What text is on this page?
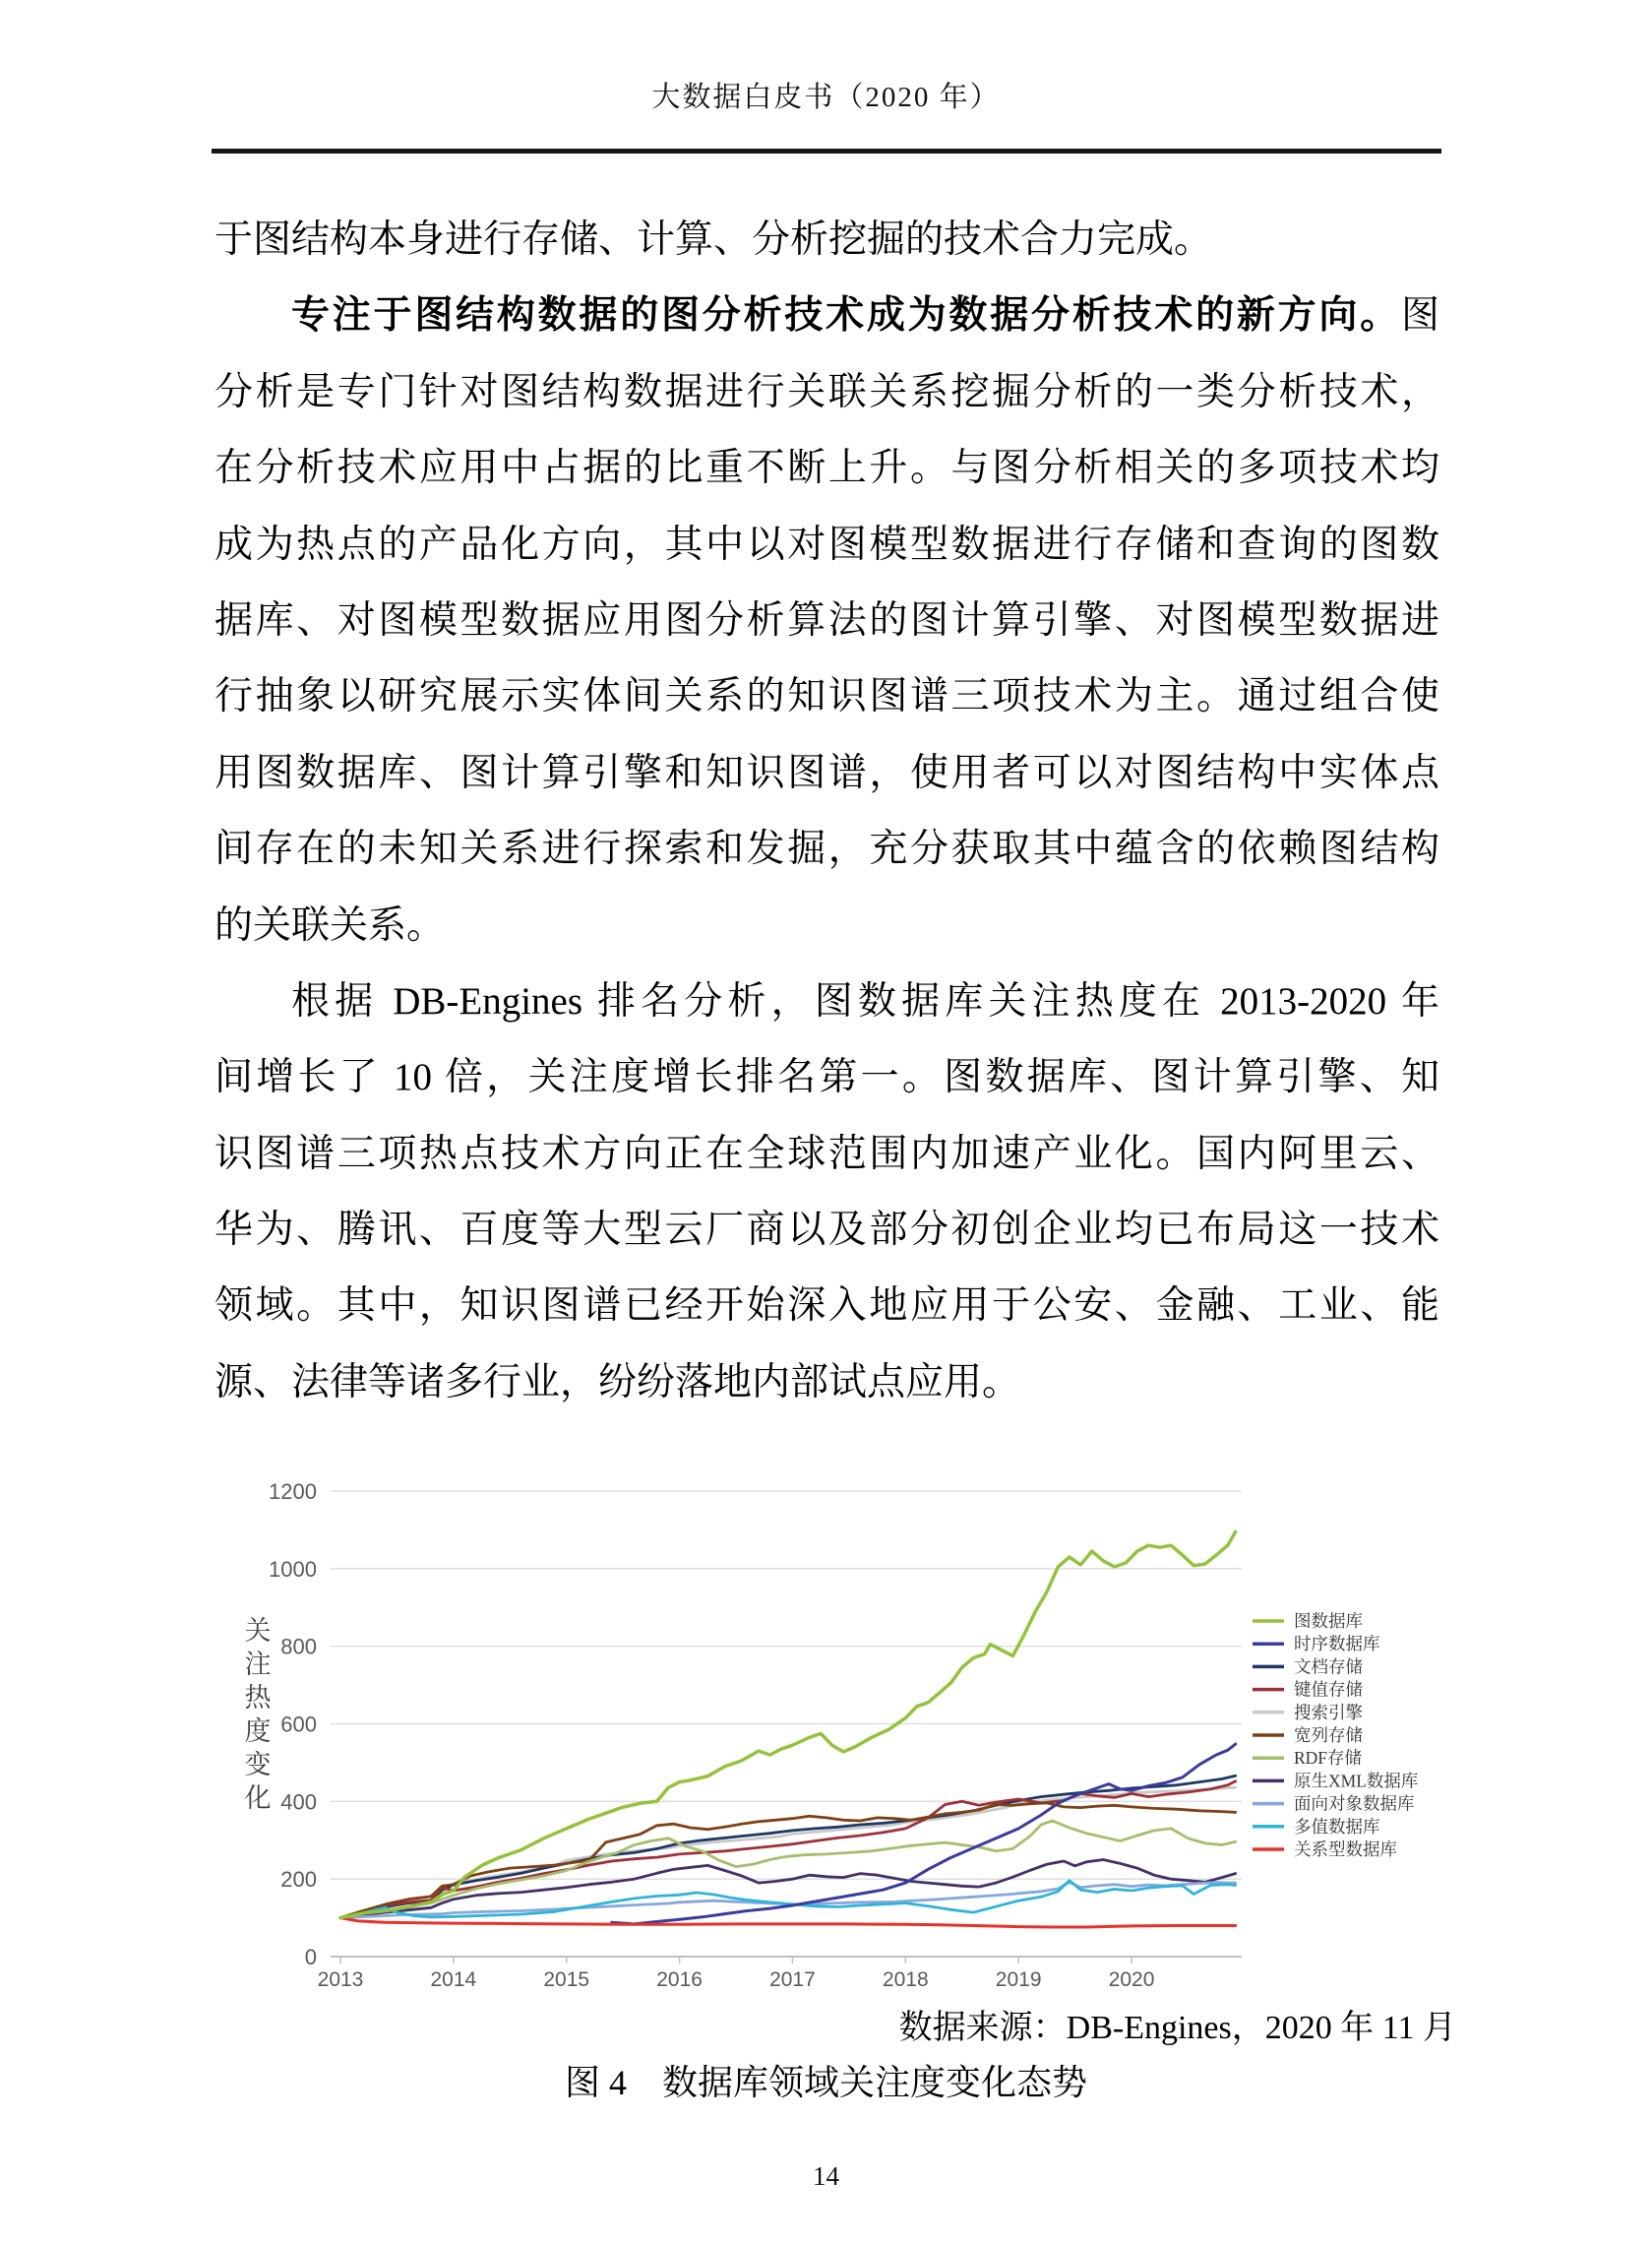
大数据白皮书（2020 年）
于图结构本身进行存储、计算、分析挖掘的技术合力完成。
专注于图结构数据的图分析技术成为数据分析技术的新方向。图
分析是专门针对图结构数据进行关联关系挖掘分析的一类分析技术，
在分析技术应用中占据的比重不断上升。与图分析相关的多项技术均
成为热点的产品化方向，其中以对图模型数据进行存储和查询的图数
据库、对图模型数据应用图分析算法的图计算引擎、对图模型数据进
行抽象以研究展示实体间关系的知识图谱三项技术为主。通过组合使
用图数据库、图计算引擎和知识图谱，使用者可以对图结构中实体点
间存在的未知关系进行探索和发掘，充分获取其中蕴含的依赖图结构
的关联关系。
根据 DB-Engines 排名分析，图数据库关注热度在 2013-2020 年
间增长了 10 倍，关注度增长排名第一。图数据库、图计算引擎、知
识图谱三项热点技术方向正在全球范围内加速产业化。国内阿里云、
华为、腾讯、百度等大型云厂商以及部分初创企业均已布局这一技术
领域。其中，知识图谱已经开始深入地应用于公安、金融、工业、能
源、法律等诸多行业，纷纷落地内部试点应用。
0
200
400
600
800
1000
1200
2013	2014	2015	2016	2017	2018	2019	2020
关
注
热
度
变
化
图数据库
时序数据库
文档存储
键值存储
搜索引擎
宽列存储
RDF存储
原生XML数据库
面向对象数据库
多值数据库
关系型数据库
数据来源：DB-Engines，2020 年 11 月
图 4　数据库领域关注度变化态势
14
